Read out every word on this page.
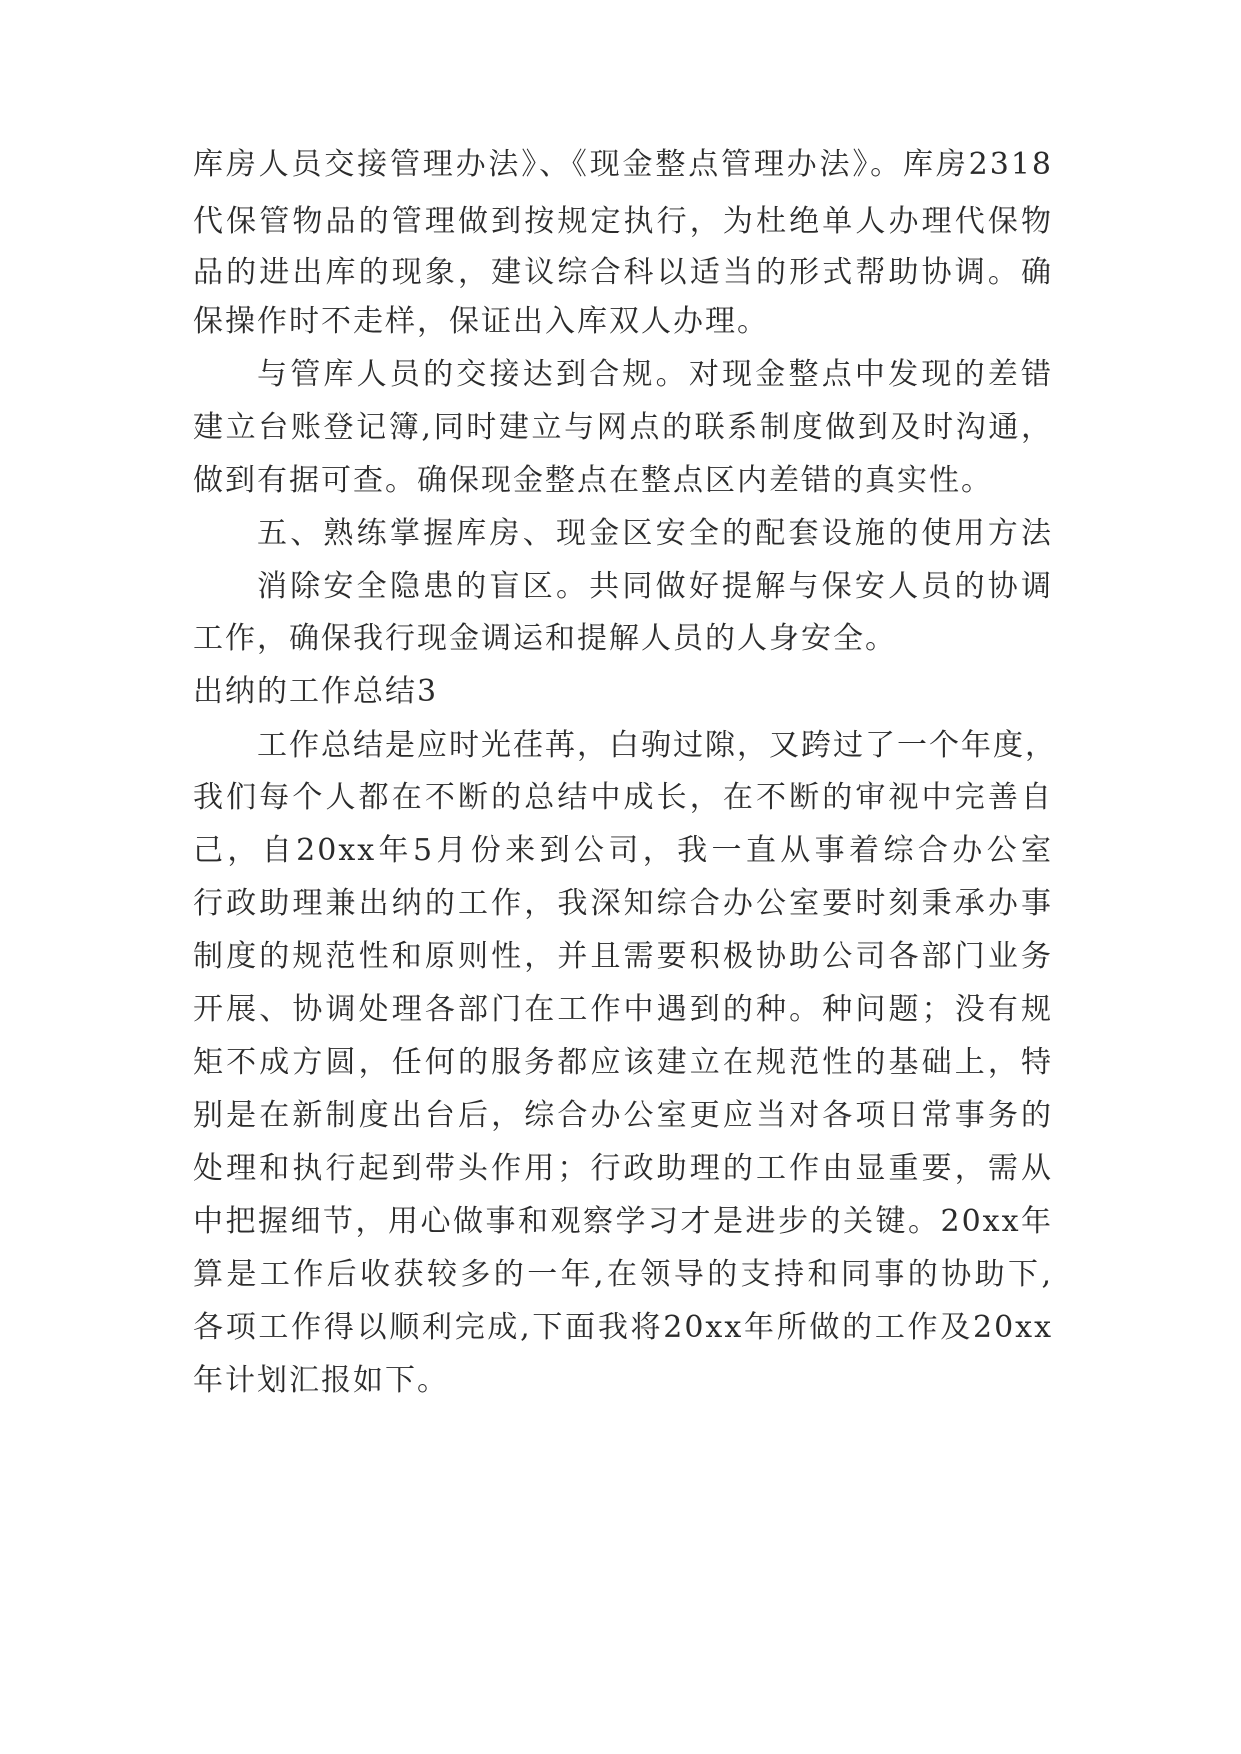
库房人员交接管理办法》、《现金整点管理办法》。库房2318
代保管物品的管理做到按规定执行，为杜绝单人办理代保物
品的进出库的现象，建议综合科以适当的形式帮助协调。确
保操作时不走样，保证出入库双人办理。
与管库人员的交接达到合规。对现金整点中发现的差错
建立台账登记簿,同时建立与网点的联系制度做到及时沟通，
做到有据可查。确保现金整点在整点区内差错的真实性。
五、熟练掌握库房、现金区安全的配套设施的使用方法
消除安全隐患的盲区。共同做好提解与保安人员的协调
工作，确保我行现金调运和提解人员的人身安全。
出纳的工作总结3
工作总结是应时光荏苒，白驹过隙，又跨过了一个年度，
我们每个人都在不断的总结中成长，在不断的审视中完善自
己，自20xx年5月份来到公司，我一直从事着综合办公室
行政助理兼出纳的工作，我深知综合办公室要时刻秉承办事
制度的规范性和原则性，并且需要积极协助公司各部门业务
开展、协调处理各部门在工作中遇到的种。种问题；没有规
矩不成方圆，任何的服务都应该建立在规范性的基础上，特
别是在新制度出台后，综合办公室更应当对各项日常事务的
处理和执行起到带头作用；行政助理的工作由显重要，需从
中把握细节，用心做事和观察学习才是进步的关键。20xx年
算是工作后收获较多的一年,在领导的支持和同事的协助下,
各项工作得以顺利完成,下面我将20xx年所做的工作及20xx
年计划汇报如下。
